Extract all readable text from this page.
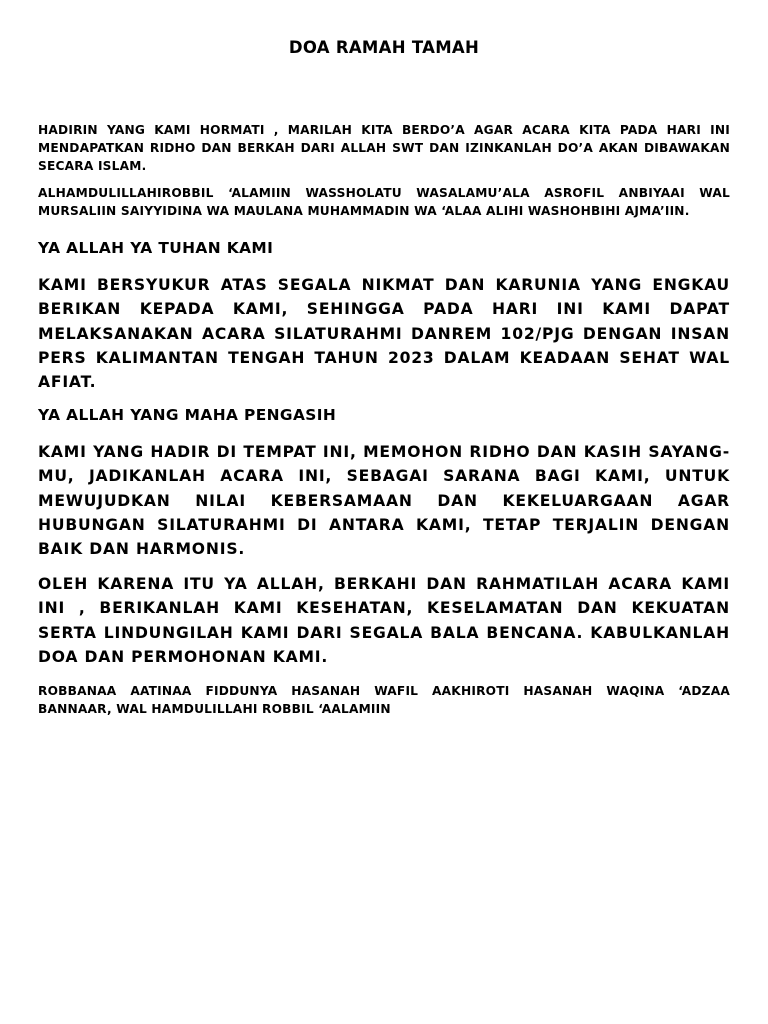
DOA RAMAH TAMAH

HADIRIN YANG KAMI HORMATI , MARILAH KITA BERDO’A AGAR ACARA KITA PADA HARI INI MENDAPATKAN RIDHO DAN BERKAH DARI ALLAH SWT DAN IZINKANLAH DO’A AKAN DIBAWAKAN SECARA ISLAM.

ALHAMDULILLAHIROBBIL ‘ALAMIIN WASSHOLATU WASALAMU’ALA ASROFIL ANBIYAAI WAL MURSALIIN SAIYYIDINA WA MAULANA MUHAMMADIN WA ‘ALAA ALIHI WASHOHBIHI AJMA’IIN.

YA ALLAH YA TUHAN KAMI

KAMI BERSYUKUR ATAS SEGALA NIKMAT DAN KARUNIA YANG ENGKAU BERIKAN KEPADA KAMI, SEHINGGA PADA HARI INI KAMI DAPAT MELAKSANAKAN ACARA SILATURAHMI DANREM 102/PJG DENGAN INSAN PERS KALIMANTAN TENGAH TAHUN 2023 DALAM KEADAAN SEHAT WAL AFIAT.

YA ALLAH YANG MAHA PENGASIH

KAMI YANG HADIR DI TEMPAT INI, MEMOHON RIDHO DAN KASIH SAYANG-MU, JADIKANLAH ACARA INI, SEBAGAI SARANA BAGI KAMI, UNTUK MEWUJUDKAN NILAI KEBERSAMAAN DAN KEKELUARGAAN AGAR HUBUNGAN SILATURAHMI DI ANTARA KAMI, TETAP TERJALIN DENGAN BAIK DAN HARMONIS.

OLEH KARENA ITU YA ALLAH, BERKAHI DAN RAHMATILAH ACARA KAMI INI , BERIKANLAH KAMI KESEHATAN, KESELAMATAN DAN KEKUATAN SERTA LINDUNGILAH KAMI DARI SEGALA BALA BENCANA. KABULKANLAH DOA DAN PERMOHONAN KAMI.

ROBBANAA AATINAA FIDDUNYA HASANAH WAFIL AAKHIROTI HASANAH WAQINA ‘ADZAA BANNAAR, WAL HAMDULILLAHI ROBBIL ‘AALAMIIN
